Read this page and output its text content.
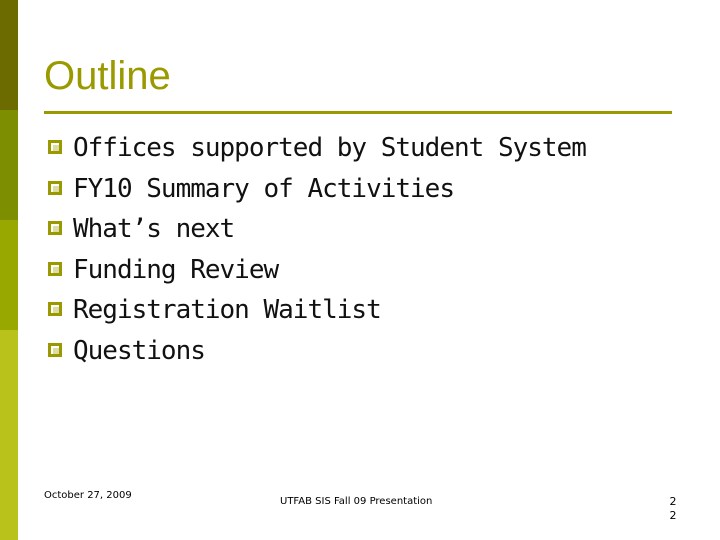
Outline
Offices supported by Student System
FY10 Summary of Activities
What’s next
Funding Review
Registration Waitlist
Questions
October 27, 2009
UTFAB SIS Fall 09 Presentation	22
